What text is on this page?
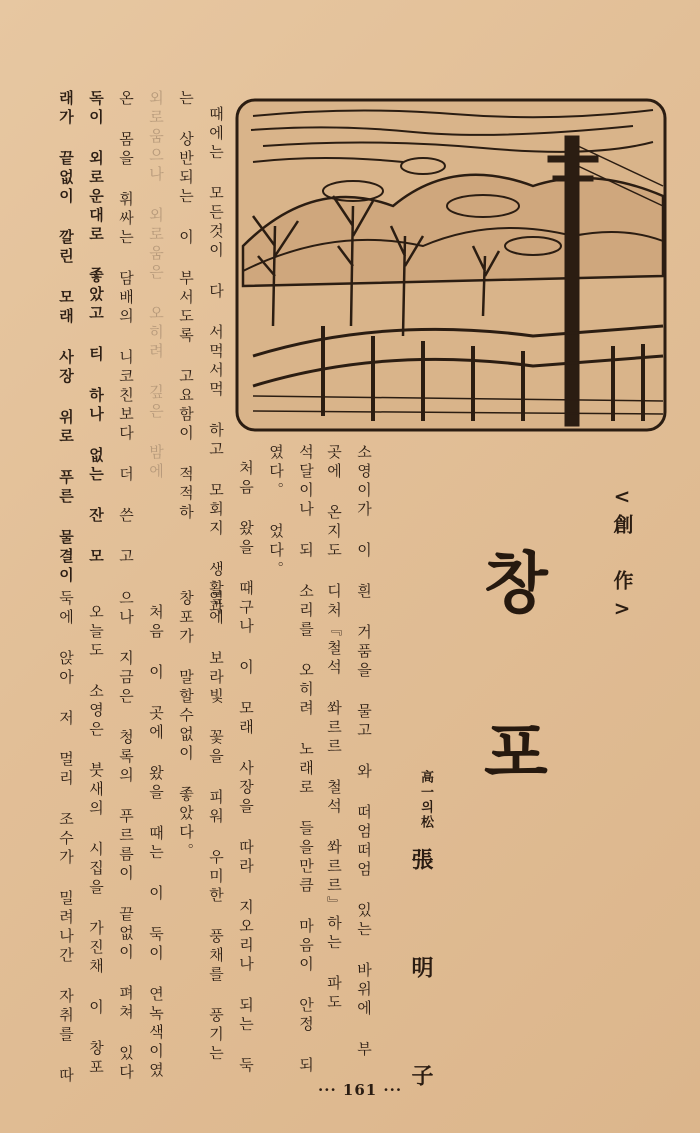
<創 作>
창
포
高一의松
張 明 子
소영이가 이 흰 거품을 물고 와 떠엄떠엄 있는 바위에 부
곳에 온지도 디처『철석 쏴르르 철석 쏴르르』하는 파도
석달이나 되 소리를 오히려 노래로 들을만큼 마음이 안정 되
였다。 었다。
처음 왔을 때구나 이 모래 사장을 따라 지오리나 되는 둑
옆에 보라빛 꽃을 피워 우미한 풍채를 풍기는
창포가 말할수없이 좋았다。
처음 이 곳에 왔을 때는 이 둑이 연녹색이였
으나 지금은 청록의 푸르름이 끝없이 펴쳐 있다
오늘도 소영은 붓새의 시집을 가진채 이 창포
둑에 앉아 저 멀리 조수가 밀려나간 자취를 따
때에는 모든것이 다 서먹서먹 하고 모회지 생활과
는 상반되는 이 부서도록 고요함이 적적하
외로움으나 외로움은 오히려 깊은 밤에
온 몸을 휘싸는 담배의 니코친보다 더 쓴 고
독이 외로운대로 좋았고 티 하나 없는 잔 모
래가 끝없이 깔린 모래 사장 위로 푸른 물결이
··· 161 ···
